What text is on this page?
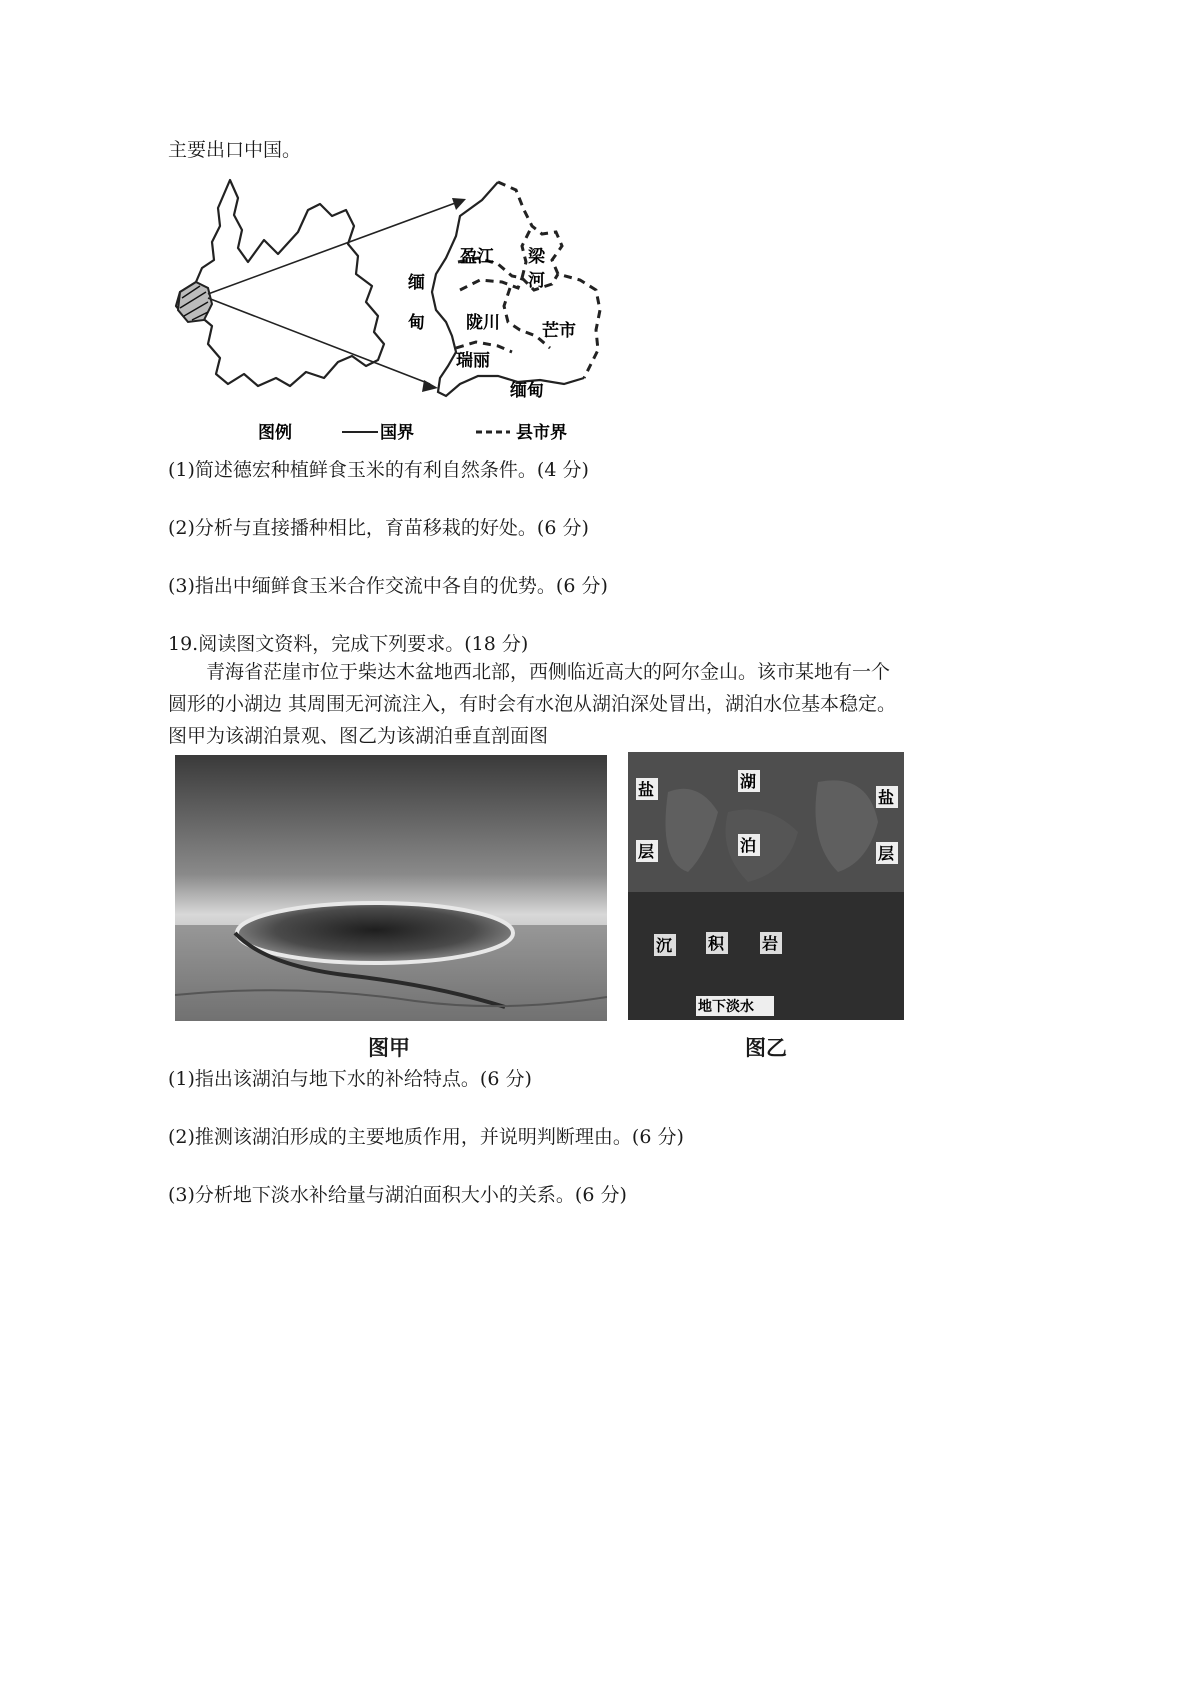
主要出口中国。
盈江 梁
河
缅
甸 陇川 芒市
瑞丽
缅甸
图例	国界	县市界
(1)简述德宏种植鲜食玉米的有利自然条件。(4 分)
(2)分析与直接播种相比，育苗移栽的好处。(6 分)
(3)指出中缅鲜食玉米合作交流中各自的优势。(6 分)
19.阅读图文资料，完成下列要求。(18 分)
青海省茫崖市位于柴达木盆地西北部，西侧临近高大的阿尔金山。该市某地有一个
圆形的小湖边 其周围无河流注入，有时会有水泡从湖泊深处冒出，湖泊水位基本稳定。
图甲为该湖泊景观、图乙为该湖泊垂直剖面图
盐
层
湖
泊
盐
层
沉 积 岩
地下淡水
图甲	图乙
(1)指出该湖泊与地下水的补给特点。(6 分)
(2)推测该湖泊形成的主要地质作用，并说明判断理由。(6 分)
(3)分析地下淡水补给量与湖泊面积大小的关系。(6 分)
